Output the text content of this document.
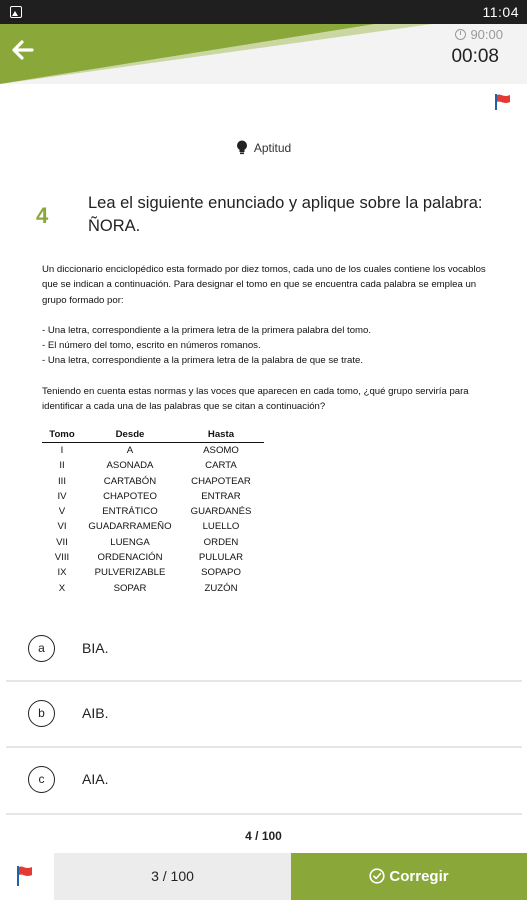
11:04
90:00
00:08
Aptitud
4 Lea el siguiente enunciado y aplique sobre la palabra: ÑORA.

Un diccionario enciclopédico esta formado por diez tomos, cada uno de los cuales contiene los vocablos que se indican a continuación. Para designar el tomo en que se encuentra cada palabra se emplea un grupo formado por:

- Una letra, correspondiente a la primera letra de la primera palabra del tomo.

- El número del tomo, escrito en números romanos.

- Una letra, correspondiente a la primera letra de la palabra de que se trate.

Teniendo en cuenta estas normas y las voces que aparecen en cada tomo, ¿qué grupo serviría para identificar a cada una de las palabras que se citan a continuación?

Tomo	Desde	Hasta
I	A	ASOMO
II	ASONADA	CARTA
III	CARTABÓN	CHAPOTEAR
IV	CHAPOTEO	ENTRAR
V	ENTRÁTICO	GUARDANÉS
VI	GUADARRAMEÑO	LUELLO
VII	LUENGA	ORDEN
VIII	ORDENACIÓN	PULULAR
IX	PULVERIZABLE	SOPAPO
X	SOPAR	ZUZÓN
a	BIA.
b	AIB.
c	AIA.
4 / 100
3 / 100	Corregir
